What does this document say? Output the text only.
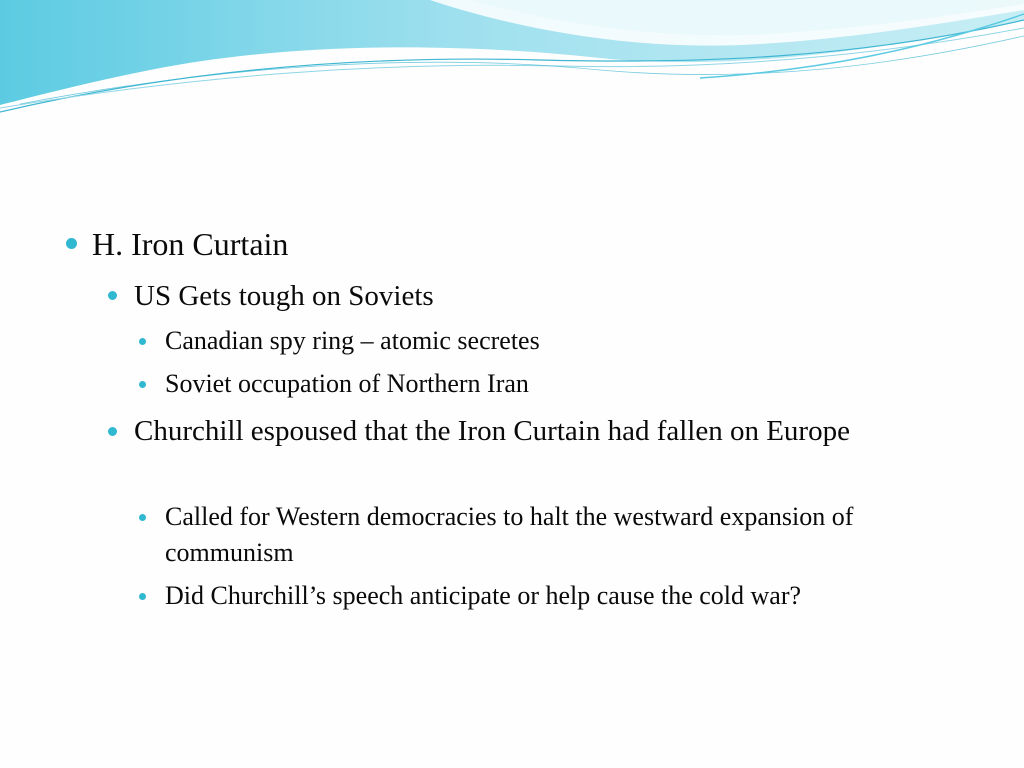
H. Iron Curtain
US Gets tough on Soviets
Canadian spy ring – atomic secretes
Soviet occupation of Northern Iran
Churchill espoused that the Iron Curtain had fallen on Europe
Called for Western democracies to halt the westward expansion of communism
Did Churchill’s speech anticipate or help cause the cold war?
